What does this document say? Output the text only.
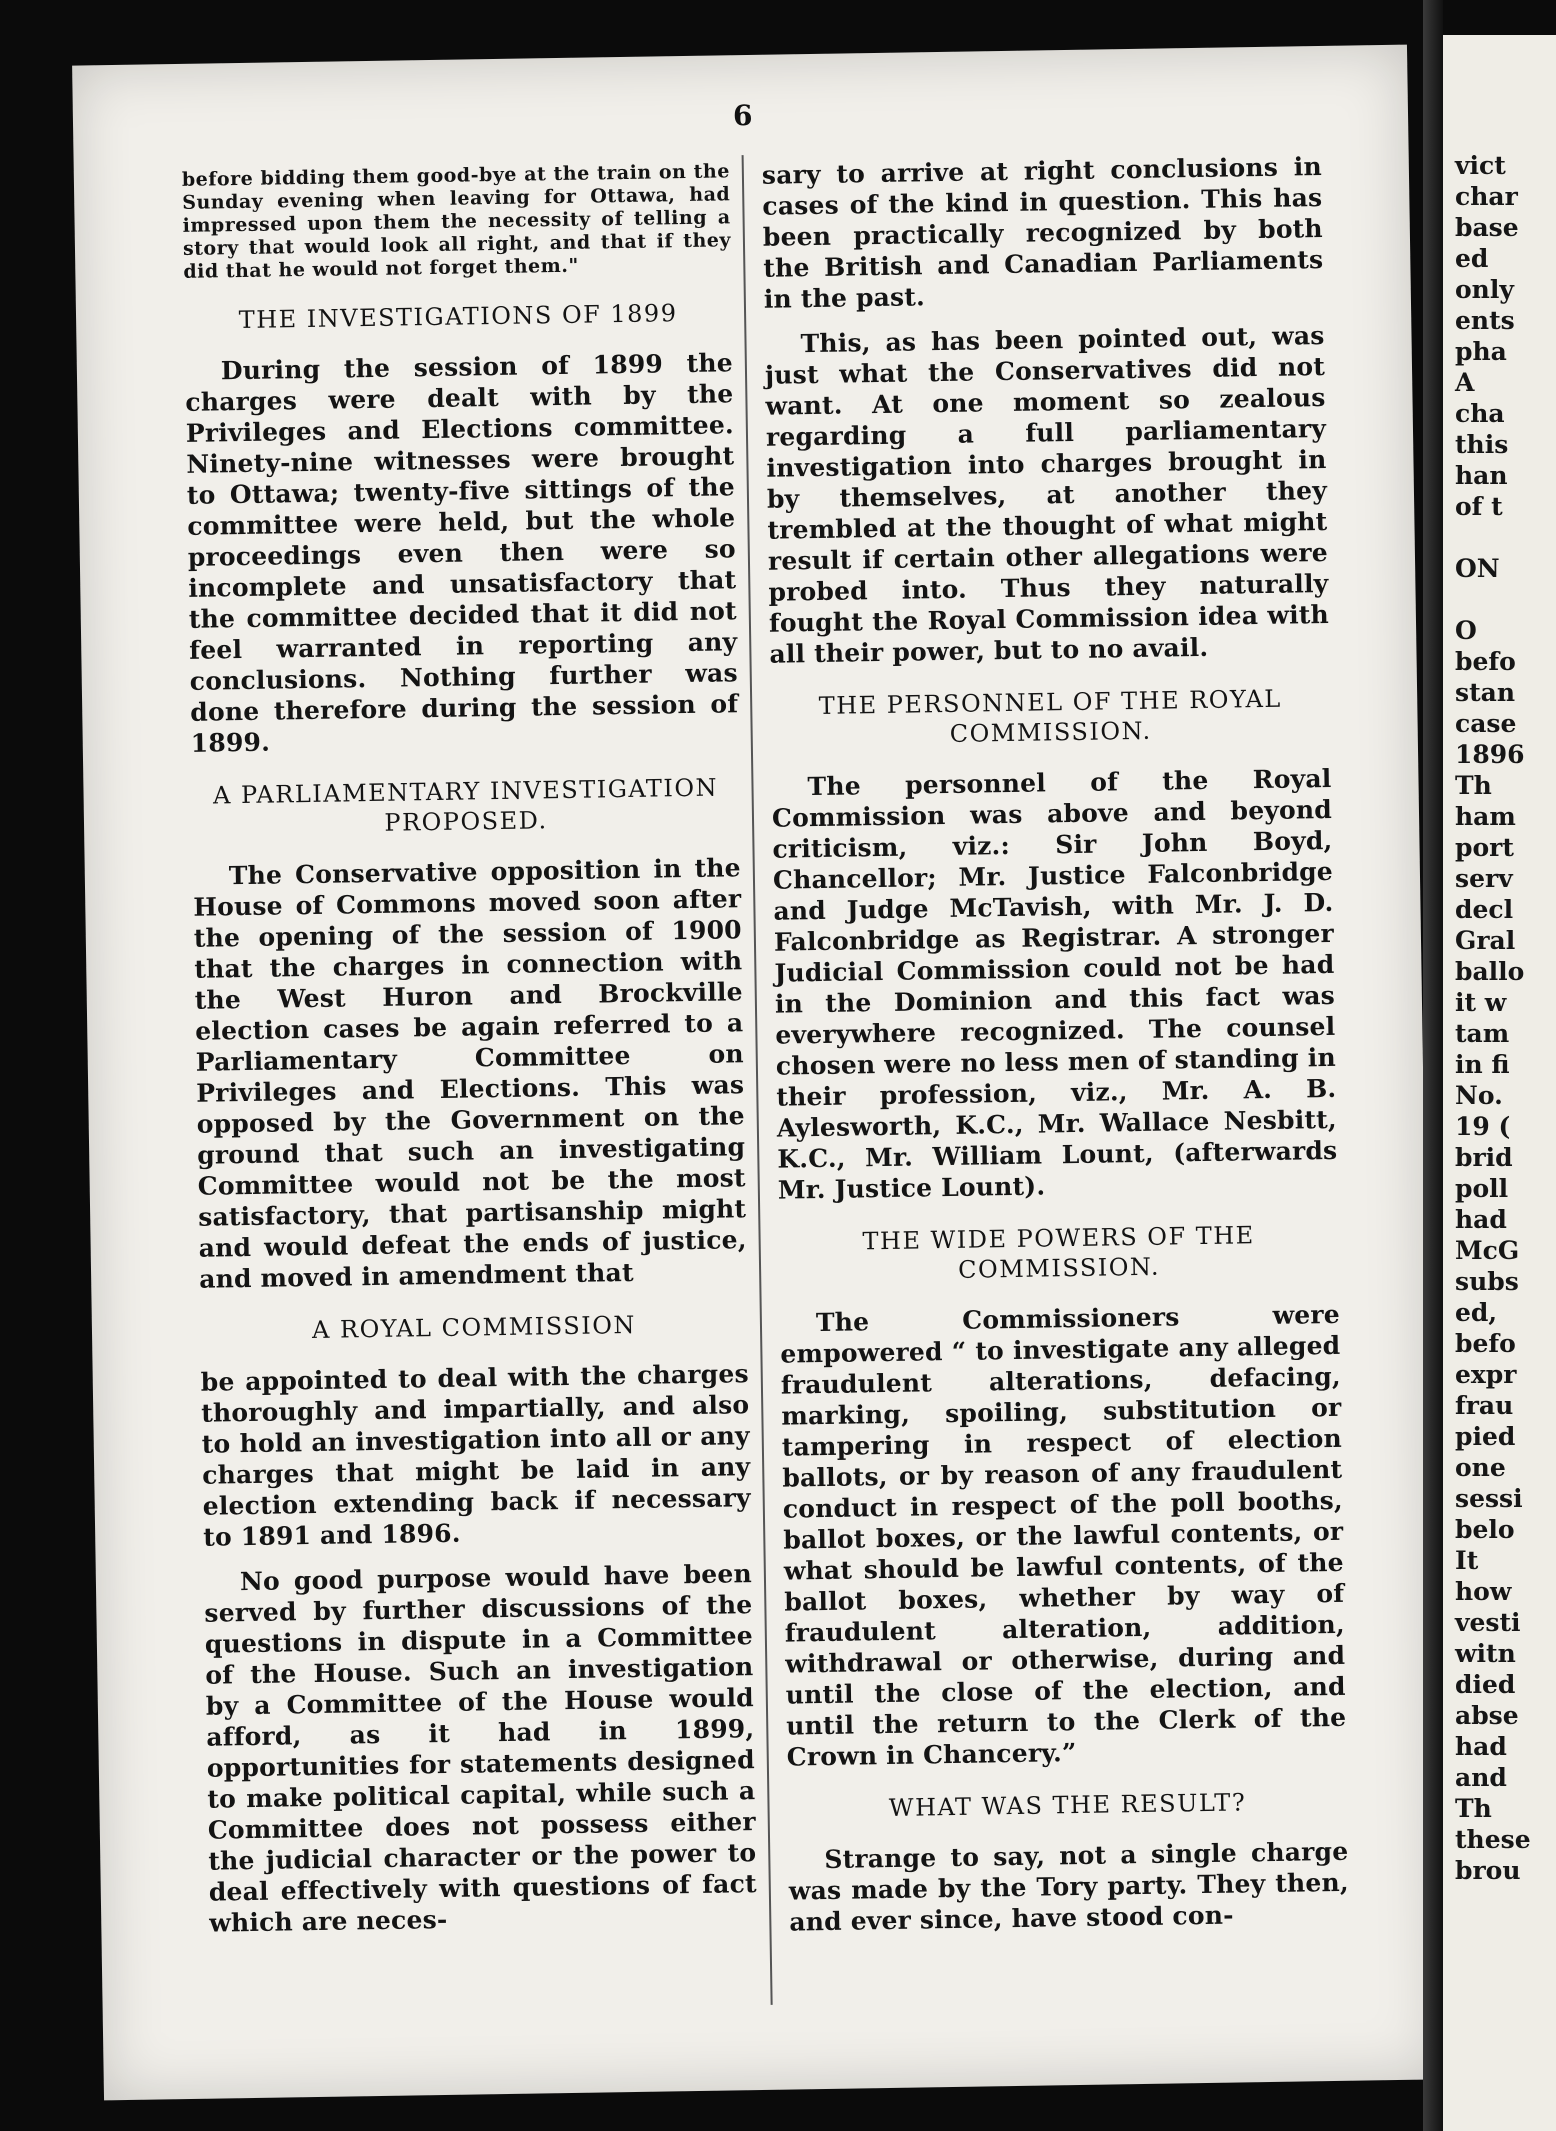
6

before bidding them good-bye at the train on the Sunday evening when leaving for Ottawa, had impressed upon them the necessity of telling a story that would look all right, and that if they did that he would not forget them."

THE INVESTIGATIONS OF 1899

During the session of 1899 the charges were dealt with by the Privileges and Elections committee. Ninety-nine witnesses were brought to Ottawa; twenty-five sittings of the committee were held, but the whole proceedings even then were so incomplete and unsatisfactory that the committee decided that it did not feel warranted in reporting any conclusions. Nothing further was done therefore during the session of 1899.

A PARLIAMENTARY INVESTIGATION PROPOSED.

The Conservative opposition in the House of Commons moved soon after the opening of the session of 1900 that the charges in connection with the West Huron and Brockville election cases be again referred to a Parliamentary Committee on Privileges and Elections. This was opposed by the Government on the ground that such an investigating Committee would not be the most satisfactory, that partisanship might and would defeat the ends of justice, and moved in amendment that

A ROYAL COMMISSION

be appointed to deal with the charges thoroughly and impartially, and also to hold an investigation into all or any charges that might be laid in any election extending back if necessary to 1891 and 1896.

No good purpose would have been served by further discussions of the questions in dispute in a Committee of the House. Such an investigation by a Committee of the House would afford, as it had in 1899, opportunities for statements designed to make political capital, while such a Committee does not possess either the judicial character or the power to deal effectively with questions of fact which are neces-

sary to arrive at right conclusions in cases of the kind in question. This has been practically recognized by both the British and Canadian Parliaments in the past.

This, as has been pointed out, was just what the Conservatives did not want. At one moment so zealous regarding a full parliamentary investigation into charges brought in by themselves, at another they trembled at the thought of what might result if certain other allegations were probed into. Thus they naturally fought the Royal Commission idea with all their power, but to no avail.

THE PERSONNEL OF THE ROYAL COMMISSION.

The personnel of the Royal Commission was above and beyond criticism, viz.: Sir John Boyd, Chancellor; Mr. Justice Falconbridge and Judge McTavish, with Mr. J. D. Falconbridge as Registrar. A stronger Judicial Commission could not be had in the Dominion and this fact was everywhere recognized. The counsel chosen were no less men of standing in their profession, viz., Mr. A. B. Aylesworth, K.C., Mr. Wallace Nesbitt, K.C., Mr. William Lount, (afterwards Mr. Justice Lount).

THE WIDE POWERS OF THE COMMISSION.

The Commissioners were empowered “ to investigate any alleged fraudulent alterations, defacing, marking, spoiling, substitution or tampering in respect of election ballots, or by reason of any fraudulent conduct in respect of the poll booths, ballot boxes, or the lawful contents, or what should be lawful contents, of the ballot boxes, whether by way of fraudulent alteration, addition, withdrawal or otherwise, during and until the close of the election, and until the return to the Clerk of the Crown in Chancery.”

WHAT WAS THE RESULT?

Strange to say, not a single charge was made by the Tory party. They then, and ever since, have stood con-

vict
char
base
ed
only
ents
pha
A
cha
this
han
of t
ON
O
befo
stan
case
1896
Th
ham
port
serv
decl
Gral
ballo
it w
tam
in fi
No.
19 (
brid
poll
had
McG
subs
ed,
befo
expr
frau
pied
one
sessi
belo
It
how
vesti
witn
died
abse
had
and
Th
these
brou
